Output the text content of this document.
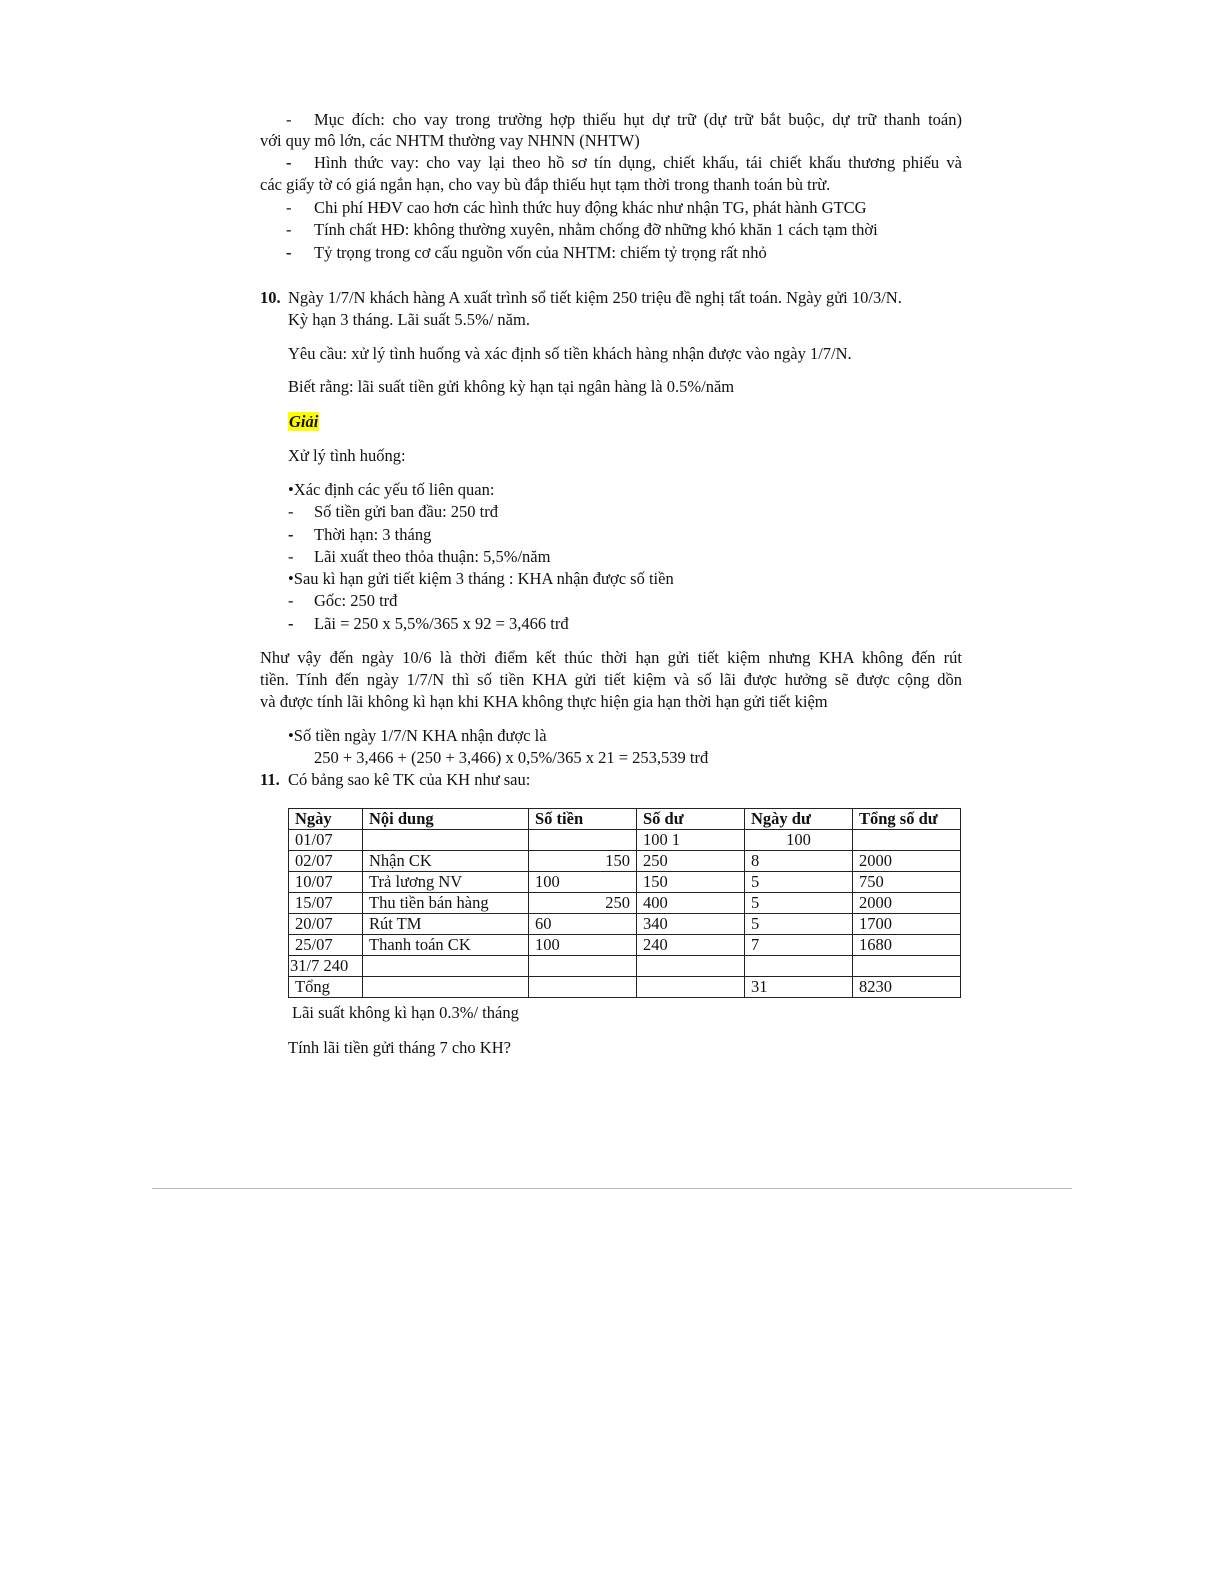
-	Mục đích: cho vay trong trường hợp thiếu hụt dự trữ (dự trữ bắt buộc, dự trữ thanh toán)
với quy mô lớn, các NHTM thường vay NHNN (NHTW)
-	Hình thức vay: cho vay lại theo hồ sơ tín dụng, chiết khấu, tái chiết khấu thương phiếu và
các giấy tờ có giá ngắn hạn, cho vay bù đắp thiếu hụt tạm thời trong thanh toán bù trừ.
-	Chi phí HĐV cao hơn các hình thức huy động khác như nhận TG, phát hành GTCG
-	Tính chất HĐ: không thường xuyên, nhằm chống đỡ những khó khăn 1 cách tạm thời
-	Tỷ trọng trong cơ cấu nguồn vốn của NHTM: chiếm tỷ trọng rất nhỏ
10. Ngày 1/7/N khách hàng A xuất trình sổ tiết kiệm 250 triệu đề nghị tất toán. Ngày gửi 10/3/N.
Kỳ hạn 3 tháng. Lãi suất 5.5%/ năm.
Yêu cầu: xử lý tình huống và xác định số tiền khách hàng nhận được vào ngày 1/7/N.
Biết rằng: lãi suất tiền gửi không kỳ hạn tại ngân hàng là 0.5%/năm
Giải
Xử lý tình huống:
•Xác định các yếu tố liên quan:
-	Số tiền gửi ban đầu: 250 trđ
-	Thời hạn: 3 tháng
-	Lãi xuất theo thỏa thuận: 5,5%/năm
•Sau kì hạn gửi tiết kiệm 3 tháng : KHA nhận được số tiền
-	Gốc: 250 trđ
-	Lãi = 250 x 5,5%/365 x 92 = 3,466 trđ
Như vậy đến ngày 10/6 là thời điểm kết thúc thời hạn gửi tiết kiệm nhưng KHA không đến rút
tiền. Tính đến ngày 1/7/N thì số tiền KHA gửi tiết kiệm và số lãi được hưởng sẽ được cộng dồn
và được tính lãi không kì hạn khi KHA không thực hiện gia hạn thời hạn gửi tiết kiệm
•Số tiền ngày 1/7/N KHA nhận được là
250 + 3,466 + (250 + 3,466) x 0,5%/365 x 21 = 253,539 trđ
11. Có bảng sao kê TK của KH như sau:
Ngày	Nội dung	Số tiền	Số dư	Ngày dư	Tổng số dư
01/07			100 1	100	
02/07	Nhận CK	150	250	8	2000
10/07	Trả lương NV	100	150	5	750
15/07	Thu tiền bán hàng	250	400	5	2000
20/07	Rút TM	60	340	5	1700
25/07	Thanh toán CK	100	240	7	1680
31/7 240					
Tổng				31	8230
Lãi suất không kì hạn 0.3%/ tháng
Tính lãi tiền gửi tháng 7 cho KH?
